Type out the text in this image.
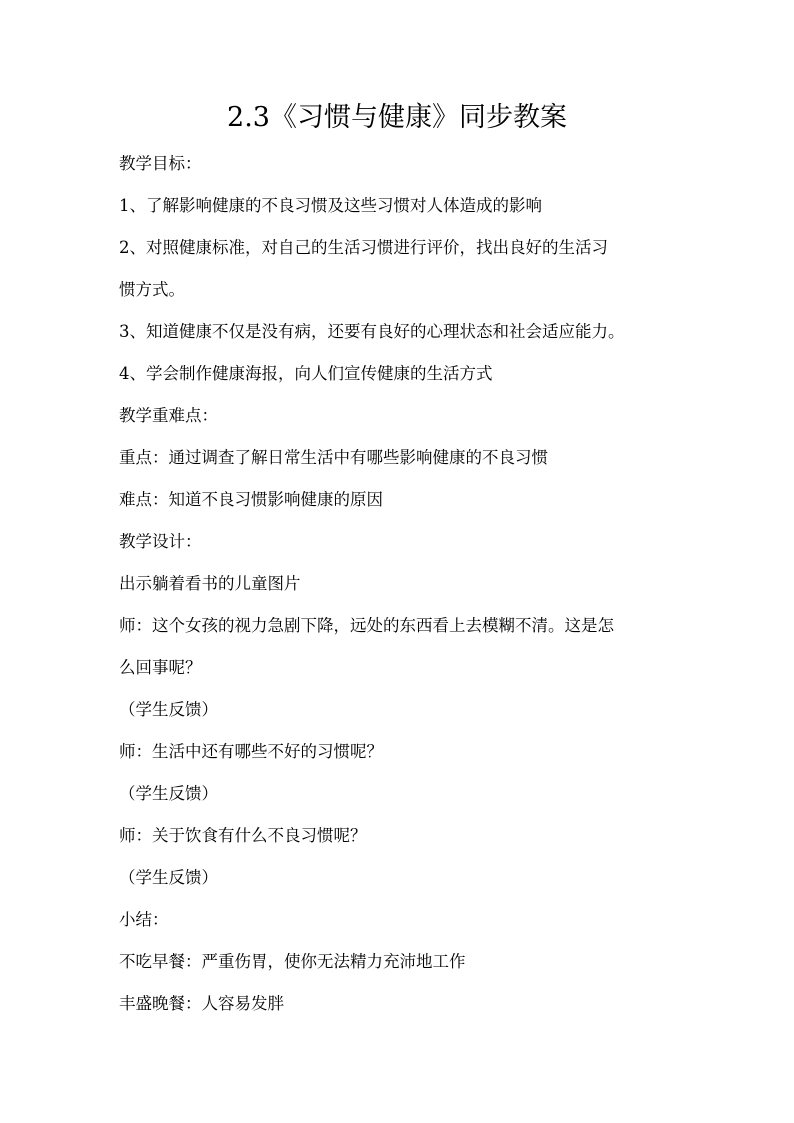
2.3《习惯与健康》同步教案
教学目标：
1、了解影响健康的不良习惯及这些习惯对人体造成的影响
2、对照健康标准，对自己的生活习惯进行评价，找出良好的生活习
惯方式。
3、知道健康不仅是没有病，还要有良好的心理状态和社会适应能力。
4、学会制作健康海报，向人们宣传健康的生活方式
教学重难点：
重点：通过调查了解日常生活中有哪些影响健康的不良习惯
难点：知道不良习惯影响健康的原因
教学设计：
出示躺着看书的儿童图片
师：这个女孩的视力急剧下降，远处的东西看上去模糊不清。这是怎
么回事呢？
（学生反馈）
师：生活中还有哪些不好的习惯呢？
（学生反馈）
师：关于饮食有什么不良习惯呢？
（学生反馈）
小结：
不吃早餐：严重伤胃，使你无法精力充沛地工作
丰盛晚餐：人容易发胖
